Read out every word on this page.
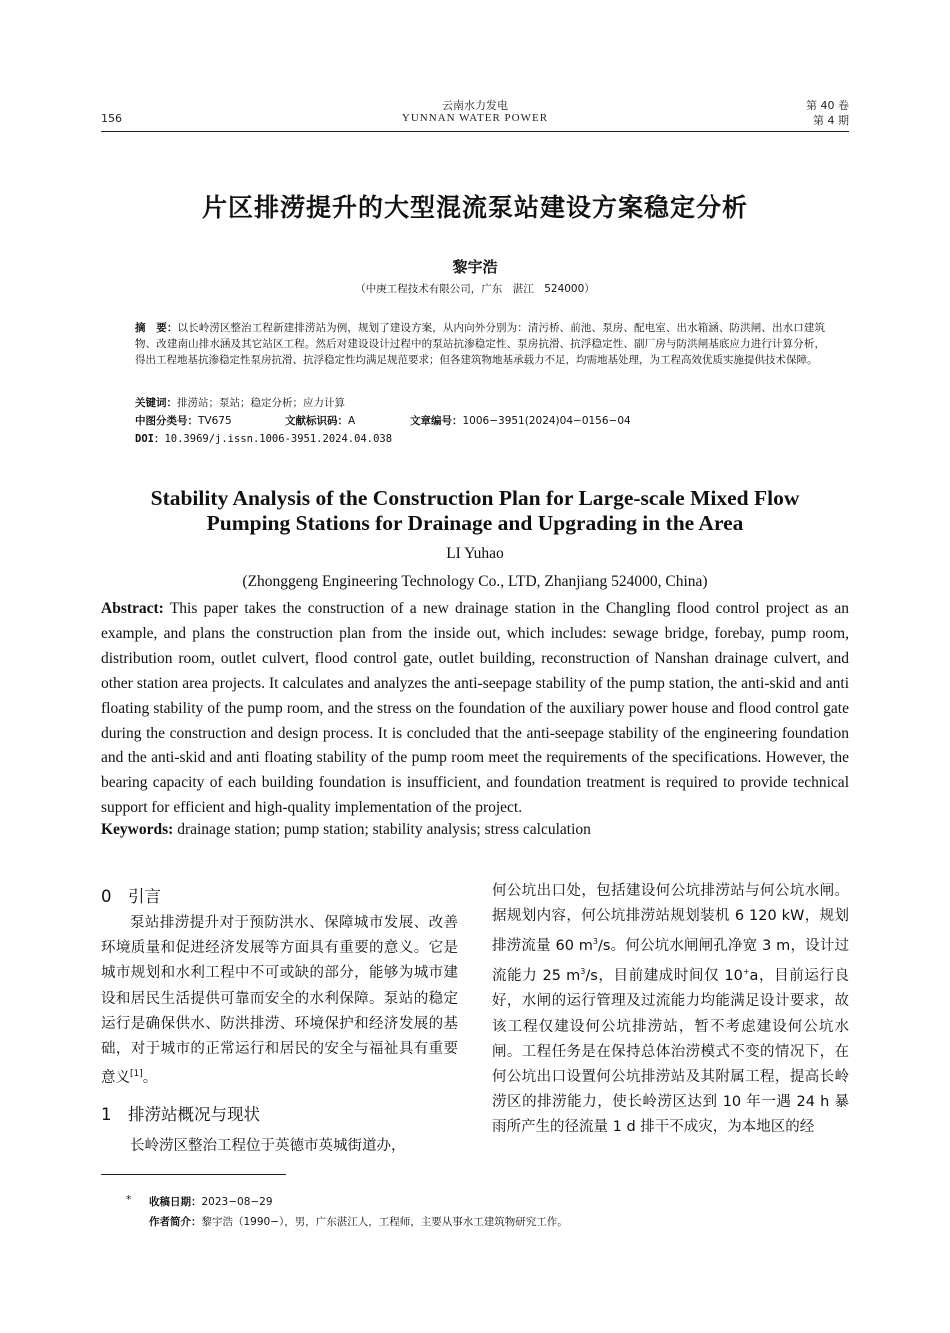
156
云南水力发电
YUNNAN WATER POWER
第 40 卷
第 4 期
片区排涝提升的大型混流泵站建设方案稳定分析
黎宇浩
（中庚工程技术有限公司，广东　湛江　524000）
摘　要：以长岭涝区整治工程新建排涝站为例，规划了建设方案，从内向外分别为：清污桥、前池、泵房、配电室、出水箱涵、防洪闸、出水口建筑物、改建南山排水涵及其它站区工程。然后对建设设计过程中的泵站抗渗稳定性、泵房抗滑、抗浮稳定性、副厂房与防洪闸基底应力进行计算分析，得出工程地基抗渗稳定性泵房抗滑、抗浮稳定性均满足规范要求；但各建筑物地基承载力不足，均需地基处理，为工程高效优质实施提供技术保障。
关键词：排涝站；泵站；稳定分析；应力计算
中图分类号：TV675	文献标识码：A	文章编号：1006−3951(2024)04−0156−04
DOI：10.3969/j.issn.1006-3951.2024.04.038
Stability Analysis of the Construction Plan for Large-scale Mixed Flow
Pumping Stations for Drainage and Upgrading in the Area
LI Yuhao
(Zhonggeng Engineering Technology Co., LTD, Zhanjiang 524000, China)
Abstract: This paper takes the construction of a new drainage station in the Changling flood control project as an example, and plans the construction plan from the inside out, which includes: sewage bridge, forebay, pump room, distribution room, outlet culvert, flood control gate, outlet building, reconstruction of Nanshan drainage culvert, and other station area projects. It calculates and analyzes the anti-seepage stability of the pump station, the anti-skid and anti floating stability of the pump room, and the stress on the foundation of the auxiliary power house and flood control gate during the construction and design process. It is concluded that the anti-seepage stability of the engineering foundation and the anti-skid and anti floating stability of the pump room meet the requirements of the specifications. However, the bearing capacity of each building foundation is insufficient, and foundation treatment is required to provide technical support for efficient and high-quality implementation of the project.
Keywords: drainage station; pump station; stability analysis; stress calculation
0　引言
泵站排涝提升对于预防洪水、保障城市发展、改善环境质量和促进经济发展等方面具有重要的意义。它是城市规划和水利工程中不可或缺的部分，能够为城市建设和居民生活提供可靠而安全的水利保障。泵站的稳定运行是确保供水、防洪排涝、环境保护和经济发展的基础，对于城市的正常运行和居民的安全与福祉具有重要意义[1]。
1　排涝站概况与现状
长岭涝区整治工程位于英德市英城街道办，
何公坑出口处，包括建设何公坑排涝站与何公坑水闸。据规划内容，何公坑排涝站规划装机 6 120 kW，规划排涝流量 60 $m^3/s$。何公坑水闸闸孔净宽 3 m，设计过流能力 25 $m^3/s$，目前建成时间仅 10+a，目前运行良好，水闸的运行管理及过流能力均能满足设计要求，故该工程仅建设何公坑排涝站，暂不考虑建设何公坑水闸。工程任务是在保持总体治涝模式不变的情况下，在何公坑出口设置何公坑排涝站及其附属工程，提高长岭涝区的排涝能力，使长岭涝区达到 10 年一遇 24 h 暴雨所产生的径流量 1 d 排干不成灾，为本地区的经
* 收稿日期：2023−08−29
作者简介：黎宇浩（1990−），男，广东湛江人，工程师，主要从事水工建筑物研究工作。
